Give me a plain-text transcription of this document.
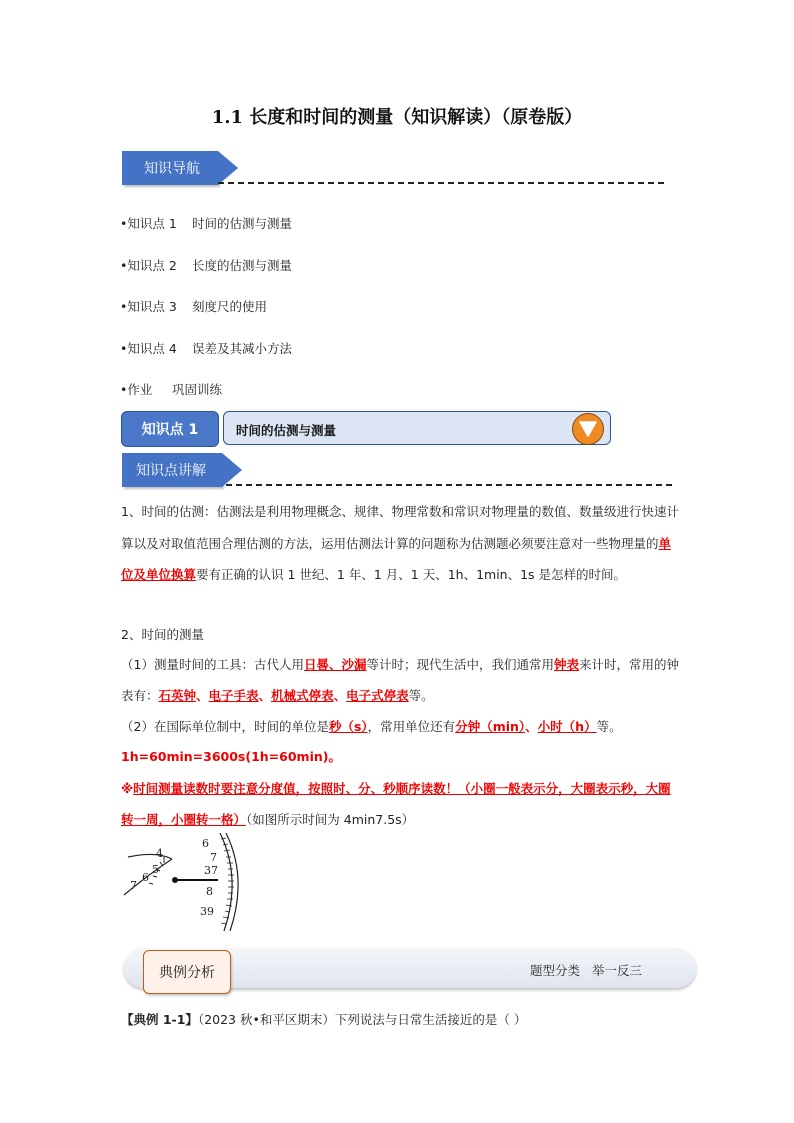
1.1 长度和时间的测量（知识解读）（原卷版）
知识导航
•知识点 1 时间的估测与测量
•知识点 2 长度的估测与测量
•知识点 3 刻度尺的使用
•知识点 4 误差及其减小方法
•作业 巩固训练
知识点 1	时间的估测与测量
知识点讲解
1、时间的估测：估测法是利用物理概念、规律、物理常数和常识对物理量的数值、数量级进行快速计算以及对取值范围合理估测的方法，运用估测法计算的问题称为估测题必须要注意对一些物理量的单位及单位换算要有正确的认识 1 世纪、1 年、1 月、1 天、1h、1min、1s 是怎样的时间。
2、时间的测量
（1）测量时间的工具：古代人用日晷、沙漏等计时；现代生活中，我们通常用钟表来计时，常用的钟表有：石英钟、电子手表、机械式停表、电子式停表等。
（2）在国际单位制中，时间的单位是秒（s），常用单位还有分钟（min）、小时（h）等。
1h=60min=3600s(1h=60min)。
※时间测量读数时要注意分度值，按照时、分、秒顺序读数！（小圈一般表示分，大圈表示秒，大圈转一周，小圈转一格）（如图所示时间为 4min7.5s）
4
5
6
7
6
37
7
8
39
典例分析	题型分类 举一反三
【典例 1-1】（2023 秋•和平区期末）下列说法与日常生活接近的是（ ）
